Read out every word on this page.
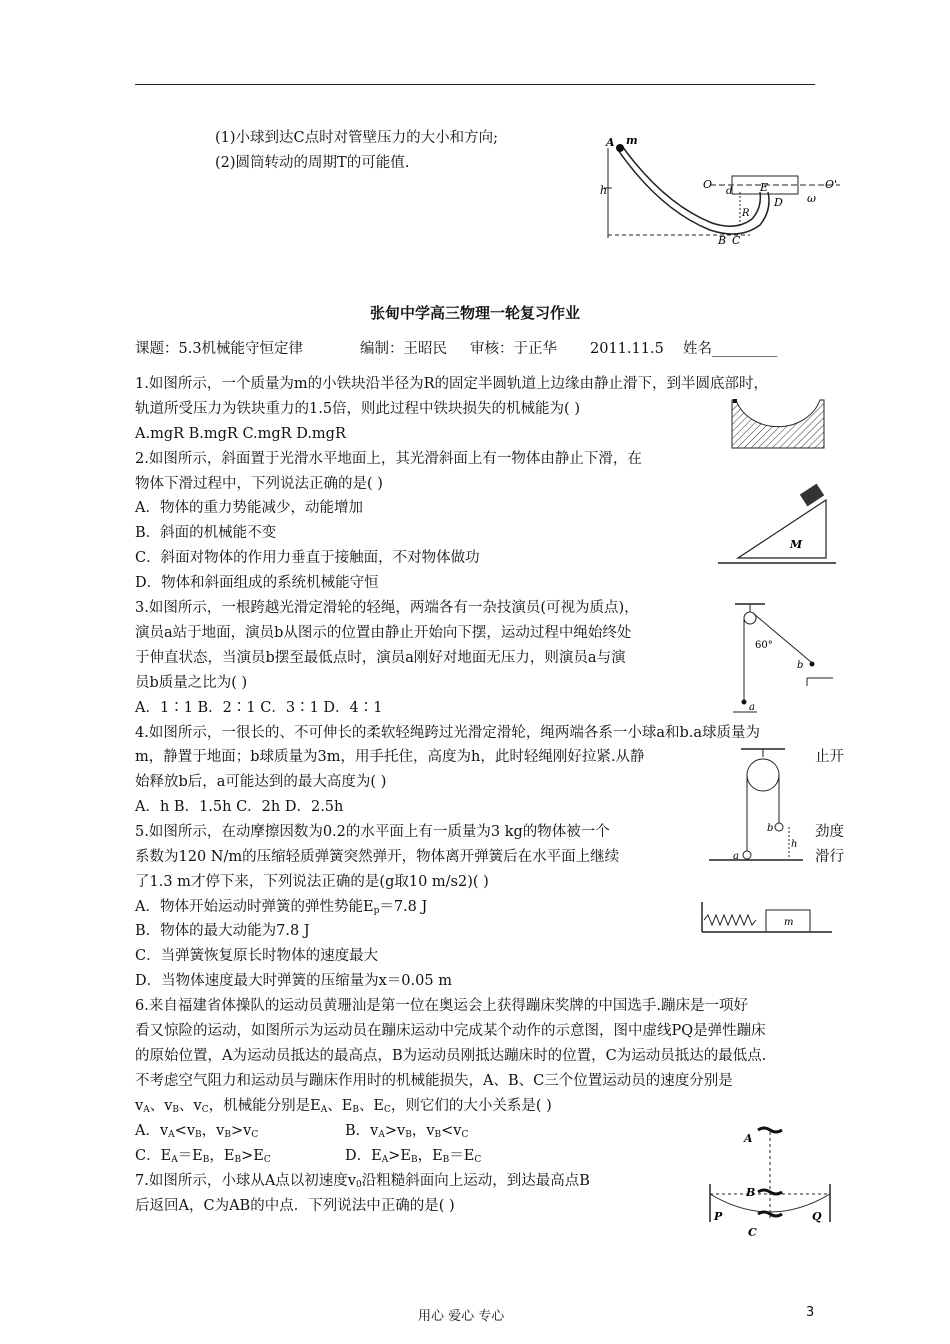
(1)小球到达C点时对管壁压力的大小和方向;
(2)圆筒转动的周期T的可能值.
A m
h	O	O'
d	E
D
R
ω
B C
张甸中学高三物理一轮复习作业
课题：5.3机械能守恒定律	编制：王昭民 审核：于正华 2011.11.5 姓名_________
1.如图所示，一个质量为m的小铁块沿半径为R的固定半圆轨道上边缘由静止滑下，到半圆底部时，
轨道所受压力为铁块重力的1.5倍，则此过程中铁块损失的机械能为( )
A.mgR B.mgR C.mgR D.mgR
2.如图所示，斜面置于光滑水平地面上，其光滑斜面上有一物体由静止下滑，在
物体下滑过程中，下列说法正确的是( )
A．物体的重力势能减少，动能增加
B．斜面的机械能不变
C．斜面对物体的作用力垂直于接触面，不对物体做功
D．物体和斜面组成的系统机械能守恒
M
3.如图所示，一根跨越光滑定滑轮的轻绳，两端各有一杂技演员(可视为质点)，
演员a站于地面，演员b从图示的位置由静止开始向下摆，运动过程中绳始终处
于伸直状态，当演员b摆至最低点时，演员a刚好对地面无压力，则演员a与演
员b质量之比为( )
A．1∶1 B．2∶1 C．3∶1 D．4∶1
60°
b
a
4.如图所示，一很长的、不可伸长的柔软轻绳跨过光滑定滑轮，绳两端各系一小球a和b.a球质量为
m，静置于地面；b球质量为3m，用手托住，高度为h，此时轻绳刚好拉紧.从静	止开
始释放b后，a可能达到的最大高度为( )
A．h B．1.5h C．2h D．2.5h
a
b
h
5.如图所示，在动摩擦因数为0.2的水平面上有一质量为3 kg的物体被一个	劲度
系数为120 N/m的压缩轻质弹簧突然弹开，物体离开弹簧后在水平面上继续	滑行
了1.3 m才停下来，下列说法正确的是(g取10 m/s2)( )
A．物体开始运动时弹簧的弹性势能$E_p=7.8$ J
B．物体的最大动能为7.8 J
C．当弹簧恢复原长时物体的速度最大
D．当物体速度最大时弹簧的压缩量为x＝0.05 m
m
6.来自福建省体操队的运动员黄珊汕是第一位在奥运会上获得蹦床奖牌的中国选手.蹦床是一项好
看又惊险的运动，如图所示为运动员在蹦床运动中完成某个动作的示意图，图中虚线PQ是弹性蹦床
的原始位置，A为运动员抵达的最高点，B为运动员刚抵达蹦床时的位置，C为运动员抵达的最低点.
不考虑空气阻力和运动员与蹦床作用时的机械能损失，A、B、C三个位置运动员的速度分别是
$v_A$、$v_B$、$v_C$，机械能分别是$E_A$、$E_B$、$E_C$，则它们的大小关系是( )
A．$v_A<v_B$，$v_B>v_C$	B．$v_A>v_B$，$v_B<v_C$
C．$E_A=E_B$，$E_B>E_C$	D．$E_A>E_B$，$E_B=E_C$
7.如图所示，小球从A点以初速度$v_0$沿粗糙斜面向上运动，到达最高点B
后返回A，C为AB的中点．下列说法中正确的是( )
A
B
C
P	Q
用心 爱心 专心	3
